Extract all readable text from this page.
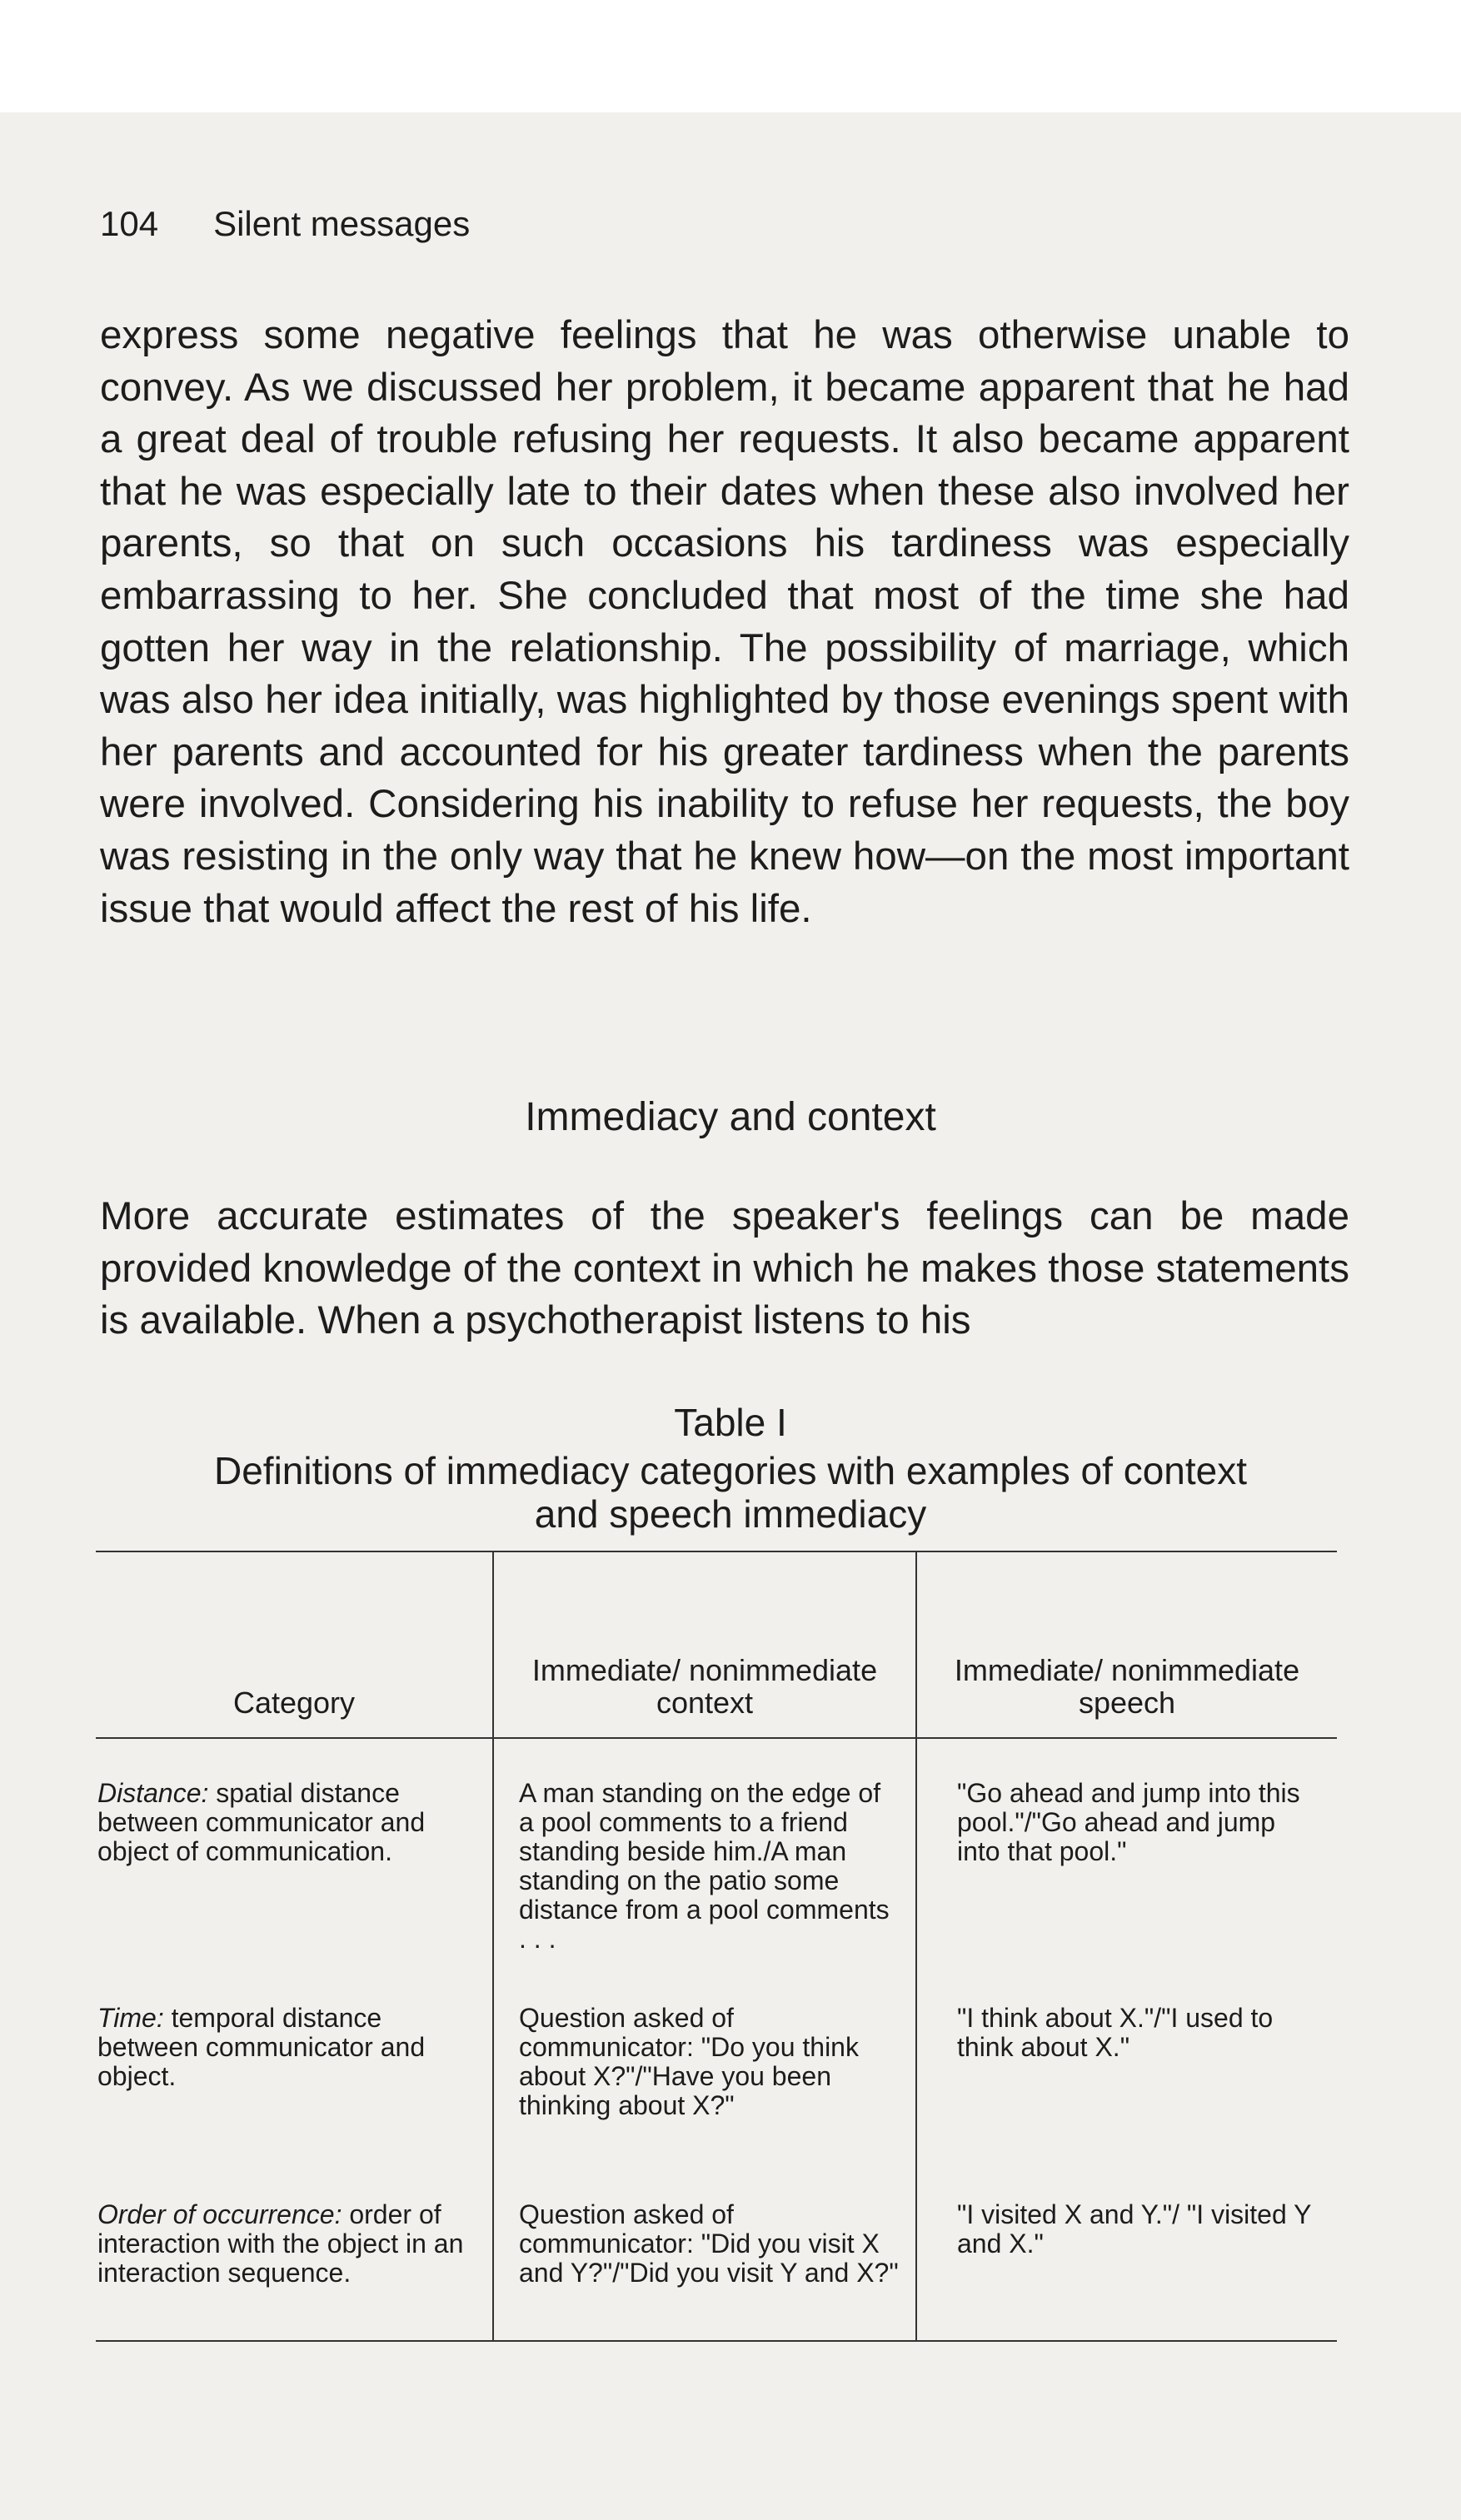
104 Silent messages

express some negative feelings that he was otherwise unable to convey. As we discussed her problem, it became apparent that he had a great deal of trouble refusing her requests. It also became apparent that he was especially late to their dates when these also involved her parents, so that on such occasions his tardiness was especially embarrassing to her. She concluded that most of the time she had gotten her way in the relationship. The possibility of marriage, which was also her idea initially, was highlighted by those evenings spent with her parents and accounted for his greater tardiness when the parents were involved. Considering his inability to refuse her requests, the boy was resisting in the only way that he knew how—on the most important issue that would affect the rest of his life.

Immediacy and context

More accurate estimates of the speaker's feelings can be made provided knowledge of the context in which he makes those statements is available. When a psychotherapist listens to his

Table I
Definitions of immediacy categories with examples of context and speech immediacy
Category	Immediate/ nonimmediate context	Immediate/ nonimmediate speech
Distance: spatial distance between communicator and object of communication.	A man standing on the edge of a pool comments to a friend standing beside him./A man standing on the patio some distance from a pool comments . . .	"Go ahead and jump into this pool."/"Go ahead and jump into that pool."
Time: temporal distance between communicator and object.	Question asked of communicator: "Do you think about X?"/"Have you been thinking about X?"	"I think about X."/"I used to think about X."
Order of occurrence: order of interaction with the object in an interaction sequence.	Question asked of communicator: "Did you visit X and Y?"/"Did you visit Y and X?"	"I visited X and Y."/ "I visited Y and X."
